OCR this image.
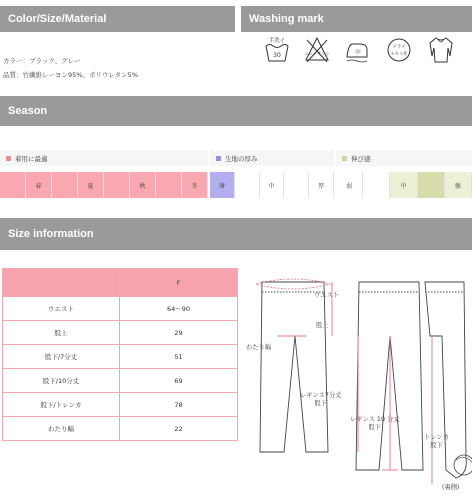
Color/Size/Material	Washing mark
カラー：ブラック、グレー
品質：竹繊維レーヨン95%、ポリウレタン5%
手洗イ
30	エンソサラシ	中
ドライ
セキユ系
Season
着用に最適	生地の厚み	伸び感
春	夏	秋	冬	薄	中	厚	弱	中	強
Size information
	F
ウエスト	64～90
股上	29
股下/7分丈	51
股下/10分丈	69
股下/トレンカ	78
わたり幅	22
ウエスト
股上
わたり幅
レギンス7分丈
股下
レギンス 10 分丈
股下
トレンカ
股下
(裏側)
